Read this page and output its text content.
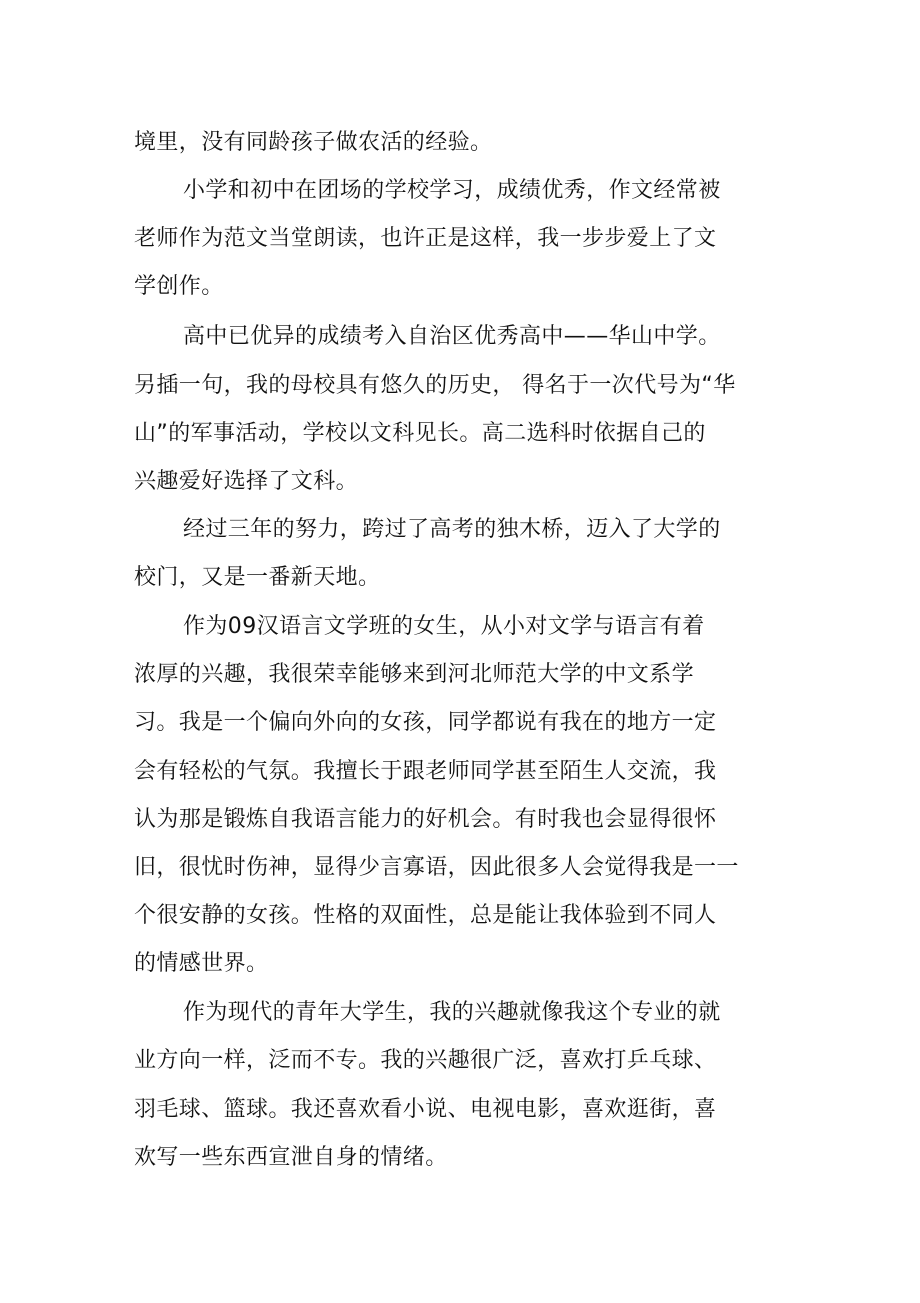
境里，没有同龄孩子做农活的经验。
小学和初中在团场的学校学习，成绩优秀，作文经常被
老师作为范文当堂朗读，也许正是这样，我一步步爱上了文
学创作。
高中已优异的成绩考入自治区优秀高中——华山中学。
另插一句，我的母校具有悠久的历史， 得名于一次代号为“华
山”的军事活动，学校以文科见长。高二选科时依据自己的
兴趣爱好选择了文科。
经过三年的努力，跨过了高考的独木桥，迈入了大学的
校门，又是一番新天地。
作为09汉语言文学班的女生，从小对文学与语言有着
浓厚的兴趣，我很荣幸能够来到河北师范大学的中文系学
习。我是一个偏向外向的女孩，同学都说有我在的地方一定
会有轻松的气氛。我擅长于跟老师同学甚至陌生人交流，我
认为那是锻炼自我语言能力的好机会。有时我也会显得很怀
旧，很忧时伤神，显得少言寡语，因此很多人会觉得我是一一
个很安静的女孩。性格的双面性，总是能让我体验到不同人
的情感世界。
作为现代的青年大学生，我的兴趣就像我这个专业的就
业方向一样，泛而不专。我的兴趣很广泛，喜欢打乒乓球、
羽毛球、篮球。我还喜欢看小说、电视电影，喜欢逛街，喜
欢写一些东西宣泄自身的情绪。
